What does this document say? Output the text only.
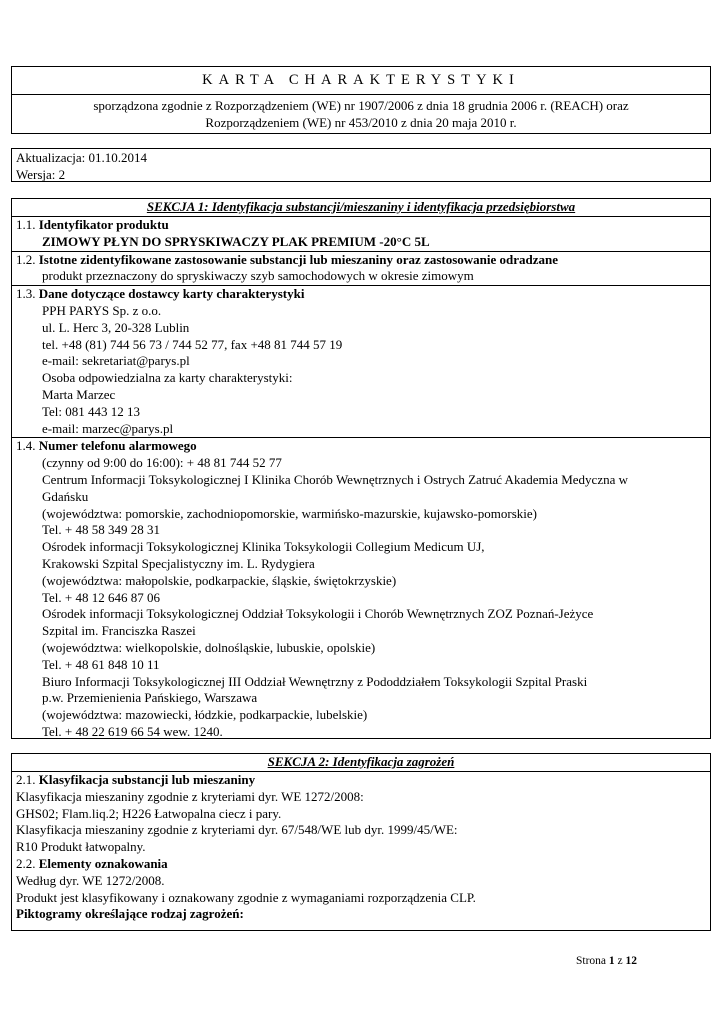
KARTA CHARAKTERYSTYKI
sporządzona zgodnie z Rozporządzeniem (WE) nr 1907/2006 z dnia 18 grudnia 2006 r. (REACH) oraz
Rozporządzeniem (WE) nr 453/2010 z dnia 20 maja 2010 r.
Aktualizacja: 01.10.2014
Wersja: 2
SEKCJA 1: Identyfikacja substancji/mieszaniny i identyfikacja przedsiębiorstwa
1.1. Identyfikator produktu
ZIMOWY PŁYN DO SPRYSKIWACZY PLAK PREMIUM -20°C 5L
1.2. Istotne zidentyfikowane zastosowanie substancji lub mieszaniny oraz zastosowanie odradzane
produkt przeznaczony do spryskiwaczy szyb samochodowych w okresie zimowym
1.3. Dane dotyczące dostawcy karty charakterystyki
PPH PARYS Sp. z o.o.
ul. L. Herc 3, 20-328 Lublin
tel. +48 (81) 744 56 73 / 744 52 77, fax +48 81 744 57 19
e-mail: sekretariat@parys.pl
Osoba odpowiedzialna za karty charakterystyki:
Marta Marzec
Tel: 081 443 12 13
e-mail: marzec@parys.pl
1.4. Numer telefonu alarmowego
(czynny od 9:00 do 16:00): + 48 81 744 52 77
Centrum Informacji Toksykologicznej I Klinika Chorób Wewnętrznych i Ostrych Zatruć Akademia Medyczna w
Gdańsku
(województwa: pomorskie, zachodniopomorskie, warmińsko-mazurskie, kujawsko-pomorskie)
Tel. + 48 58 349 28 31
Ośrodek informacji Toksykologicznej Klinika Toksykologii Collegium Medicum UJ,
Krakowski Szpital Specjalistyczny im. L. Rydygiera
(województwa: małopolskie, podkarpackie, śląskie, świętokrzyskie)
Tel. + 48 12 646 87 06
Ośrodek informacji Toksykologicznej Oddział Toksykologii i Chorób Wewnętrznych ZOZ Poznań-Jeżyce
Szpital im. Franciszka Raszei
(województwa: wielkopolskie, dolnośląskie, lubuskie, opolskie)
Tel. + 48 61 848 10 11
Biuro Informacji Toksykologicznej III Oddział Wewnętrzny z Pododdziałem Toksykologii Szpital Praski
p.w. Przemienienia Pańskiego, Warszawa
(województwa: mazowiecki, łódzkie, podkarpackie, lubelskie)
Tel. + 48 22 619 66 54 wew. 1240.
SEKCJA 2: Identyfikacja zagrożeń
2.1. Klasyfikacja substancji lub mieszaniny
Klasyfikacja mieszaniny zgodnie z kryteriami dyr. WE 1272/2008:
GHS02; Flam.liq.2; H226 Łatwopalna ciecz i pary.
Klasyfikacja mieszaniny zgodnie z kryteriami dyr. 67/548/WE lub dyr. 1999/45/WE:
R10 Produkt łatwopalny.
2.2. Elementy oznakowania
Według dyr. WE 1272/2008.
Produkt jest klasyfikowany i oznakowany zgodnie z wymaganiami rozporządzenia CLP.
Piktogramy określające rodzaj zagrożeń:
Strona 1 z 12
